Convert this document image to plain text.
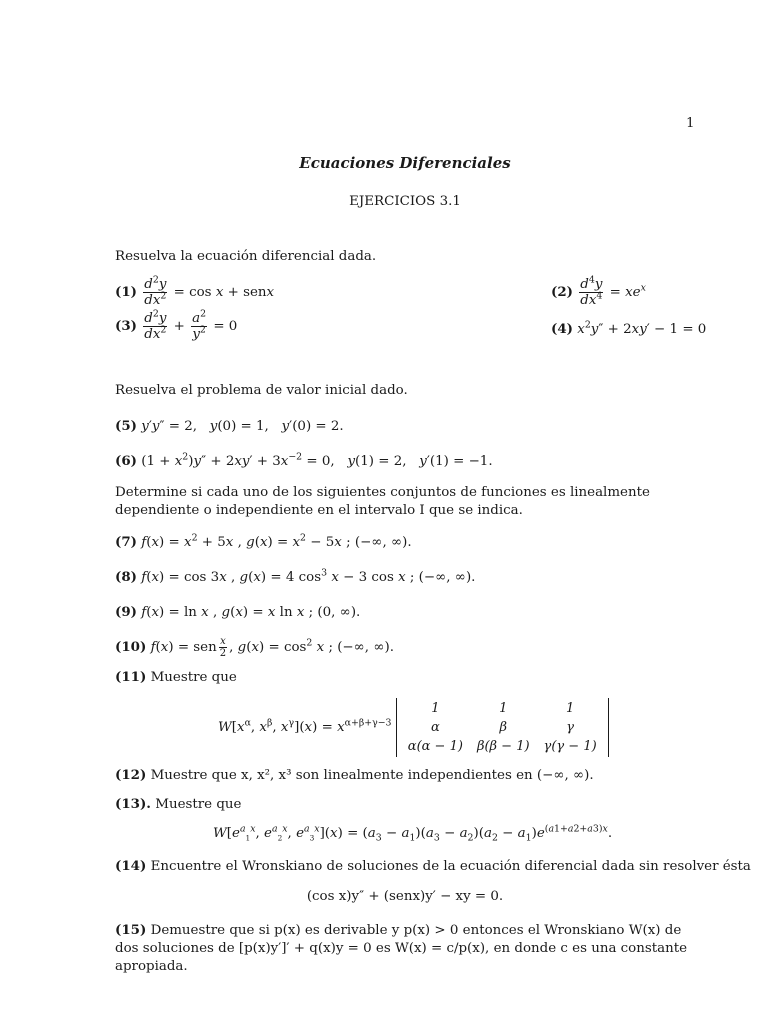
1
Ecuaciones Diferenciales
EJERCICIOS 3.1
Resuelva la ecuación diferencial dada.
$(1) \frac{d^2y}{dx^2} = \cos x$ + senx	$(2) \frac{d^4y}{dx^4} = xe^x$
$(3) \frac{d^2y}{dx^2} + \frac{a^2}{y^2} = 0$	(4) $x^2y'' + 2xy' - 1 = 0$
Resuelva el problema de valor inicial dado.
(5) y′y″ = 2,   y(0) = 1,   y′(0) = 2.
(6) $(1 + x^2)y'' + 2xy' + 3x^{-2} = 0$,   y(1) = 2,   y′(1) = −1.
Determine si cada uno de los siguientes conjuntos de funciones es linealmente dependiente o independiente en el intervalo I que se indica.
(7) $f(x) = x^2 + 5x$ , $g(x) = x^2 - 5x$ ; (−∞, ∞).
(8) f(x) = cos 3x , g(x) = 4 $\cos^3 x - 3$ cos x ; (−∞, ∞).
(9) f(x) = ln x , g(x) = x ln x ; (0, ∞).
(10) f(x) = sen $\frac{x}{2}$ , $g(x) = \cos^2 x$ ; (−∞, ∞).
(11) Muestre que
$W[x^\alpha$, $x^\beta$, $x^\gamma](x) = x^{\alpha+\beta+\gamma-3}$
1	1	1
α	β	γ
α(α − 1)	β(β − 1)	γ(γ − 1)
(12) Muestre que x, x², x³ son linealmente independientes en (−∞, ∞).
(13). Muestre que
$W[e^a_1^x$, $e^a_2^x$, $e^a_3^x](x) = (a_3 - a_1)(a_3 - a_2)(a_2 - a_1)e^{(a1+a2+a3)x}$.
(14) Encuentre el Wronskiano de soluciones de la ecuación diferencial dada sin resolver ésta
(cos x)y″ + (senx)y′ − xy = 0.
(15) Demuestre que si p(x) es derivable y p(x) > 0 entonces el Wronskiano W(x) de dos soluciones de [p(x)y′]′ + q(x)y = 0 es W(x) = c/p(x), en donde c es una constante apropiada.
